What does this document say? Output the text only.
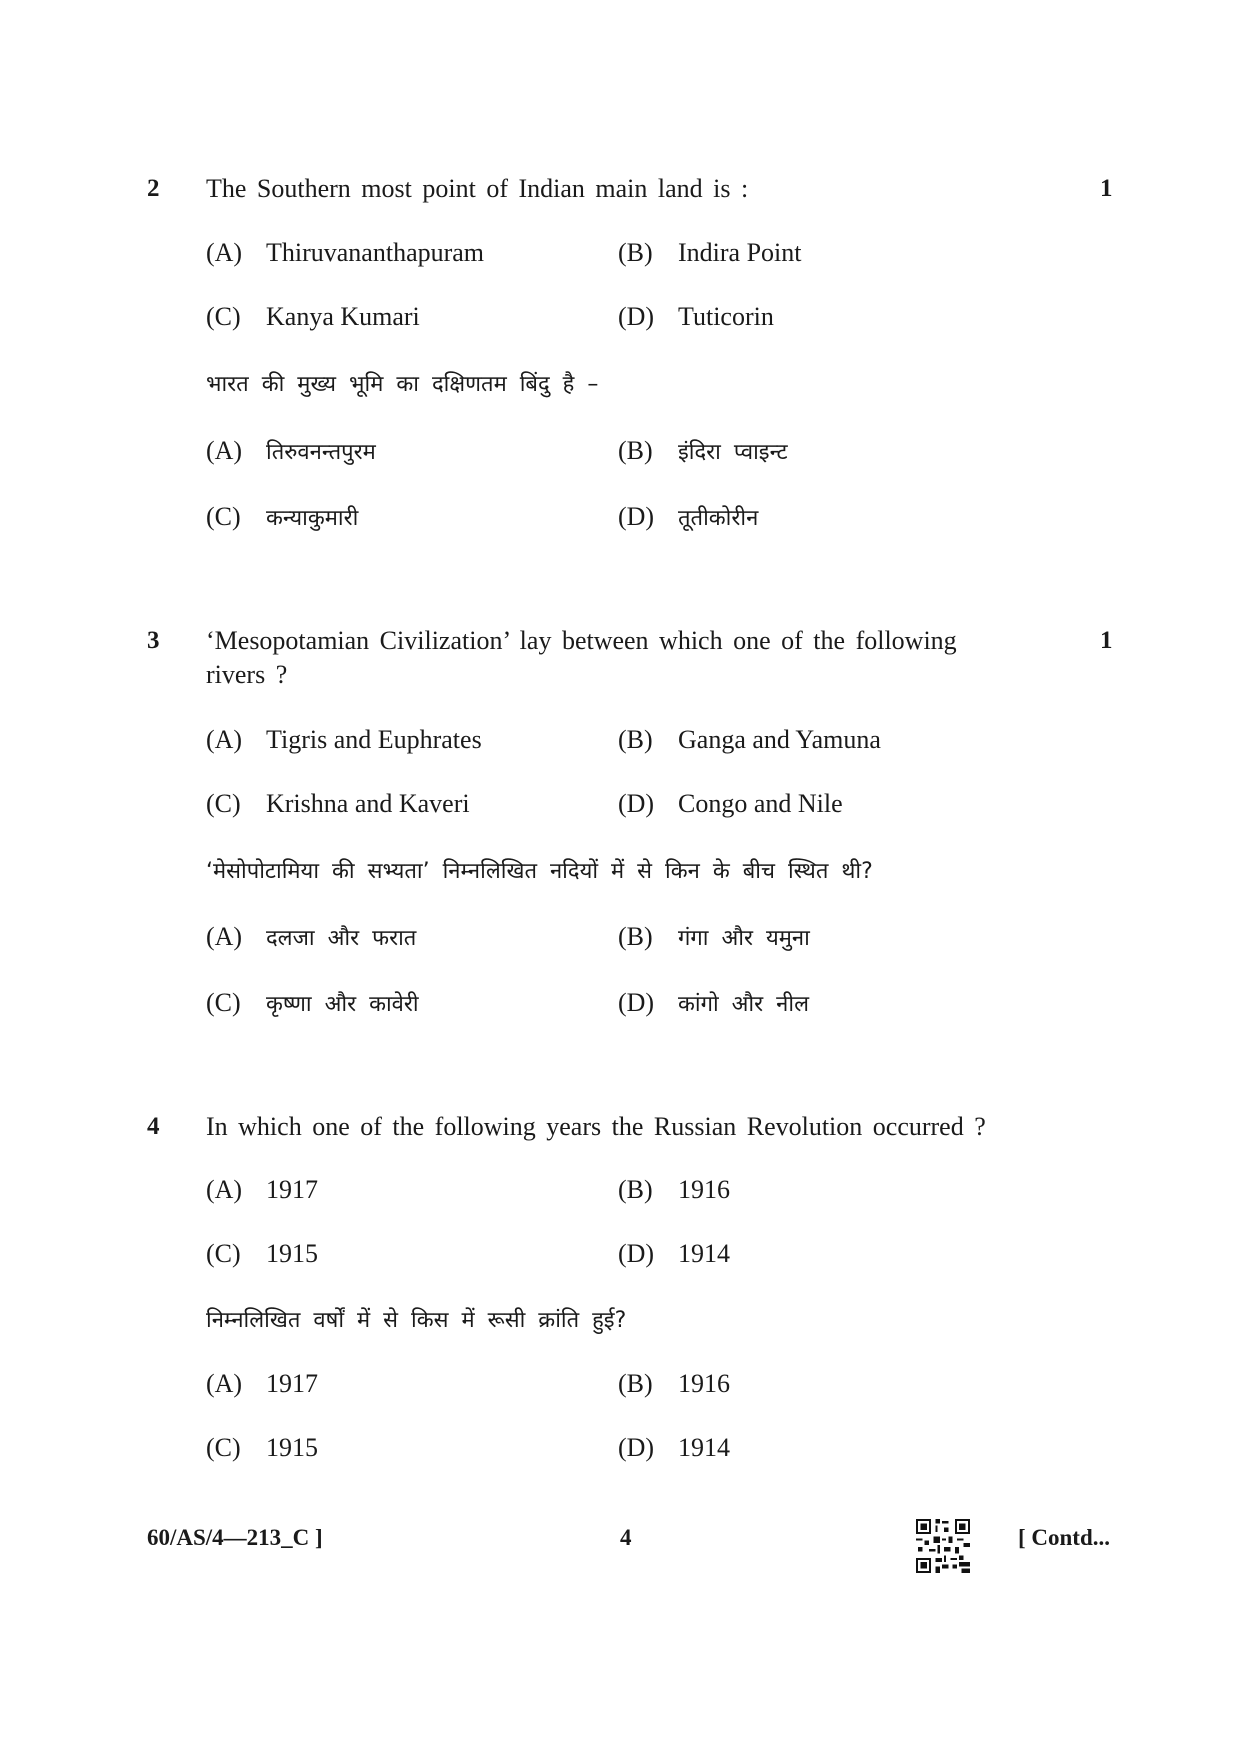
2 The Southern most point of Indian main land is :	1
(A) Thiruvananthapuram	(B) Indira Point
(C) Kanya Kumari	(D) Tuticorin
भारत की मुख्य भूमि का दक्षिणतम बिंदु है –
(A) तिरुवनन्तपुरम	(B) इंदिरा प्वाइन्ट
(C) कन्याकुमारी	(D) तूतीकोरीन
3 ‘Mesopotamian Civilization’ lay between which one of the following rivers ?
1
(A) Tigris and Euphrates	(B) Ganga and Yamuna
(C) Krishna and Kaveri	(D) Congo and Nile
‘मेसोपोटामिया की सभ्यता’ निम्नलिखित नदियों में से किन के बीच स्थित थी?
(A) दलजा और फरात	(B) गंगा और यमुना
(C) कृष्णा और कावेरी	(D) कांगो और नील
4 In which one of the following years the Russian Revolution occurred ?
(A) 1917	(B) 1916
(C) 1915	(D) 1914
निम्नलिखित वर्षों में से किस में रूसी क्रांति हुई?
(A) 1917	(B) 1916
(C) 1915	(D) 1914
60/AS/4—213_C ]	4	[ Contd...
